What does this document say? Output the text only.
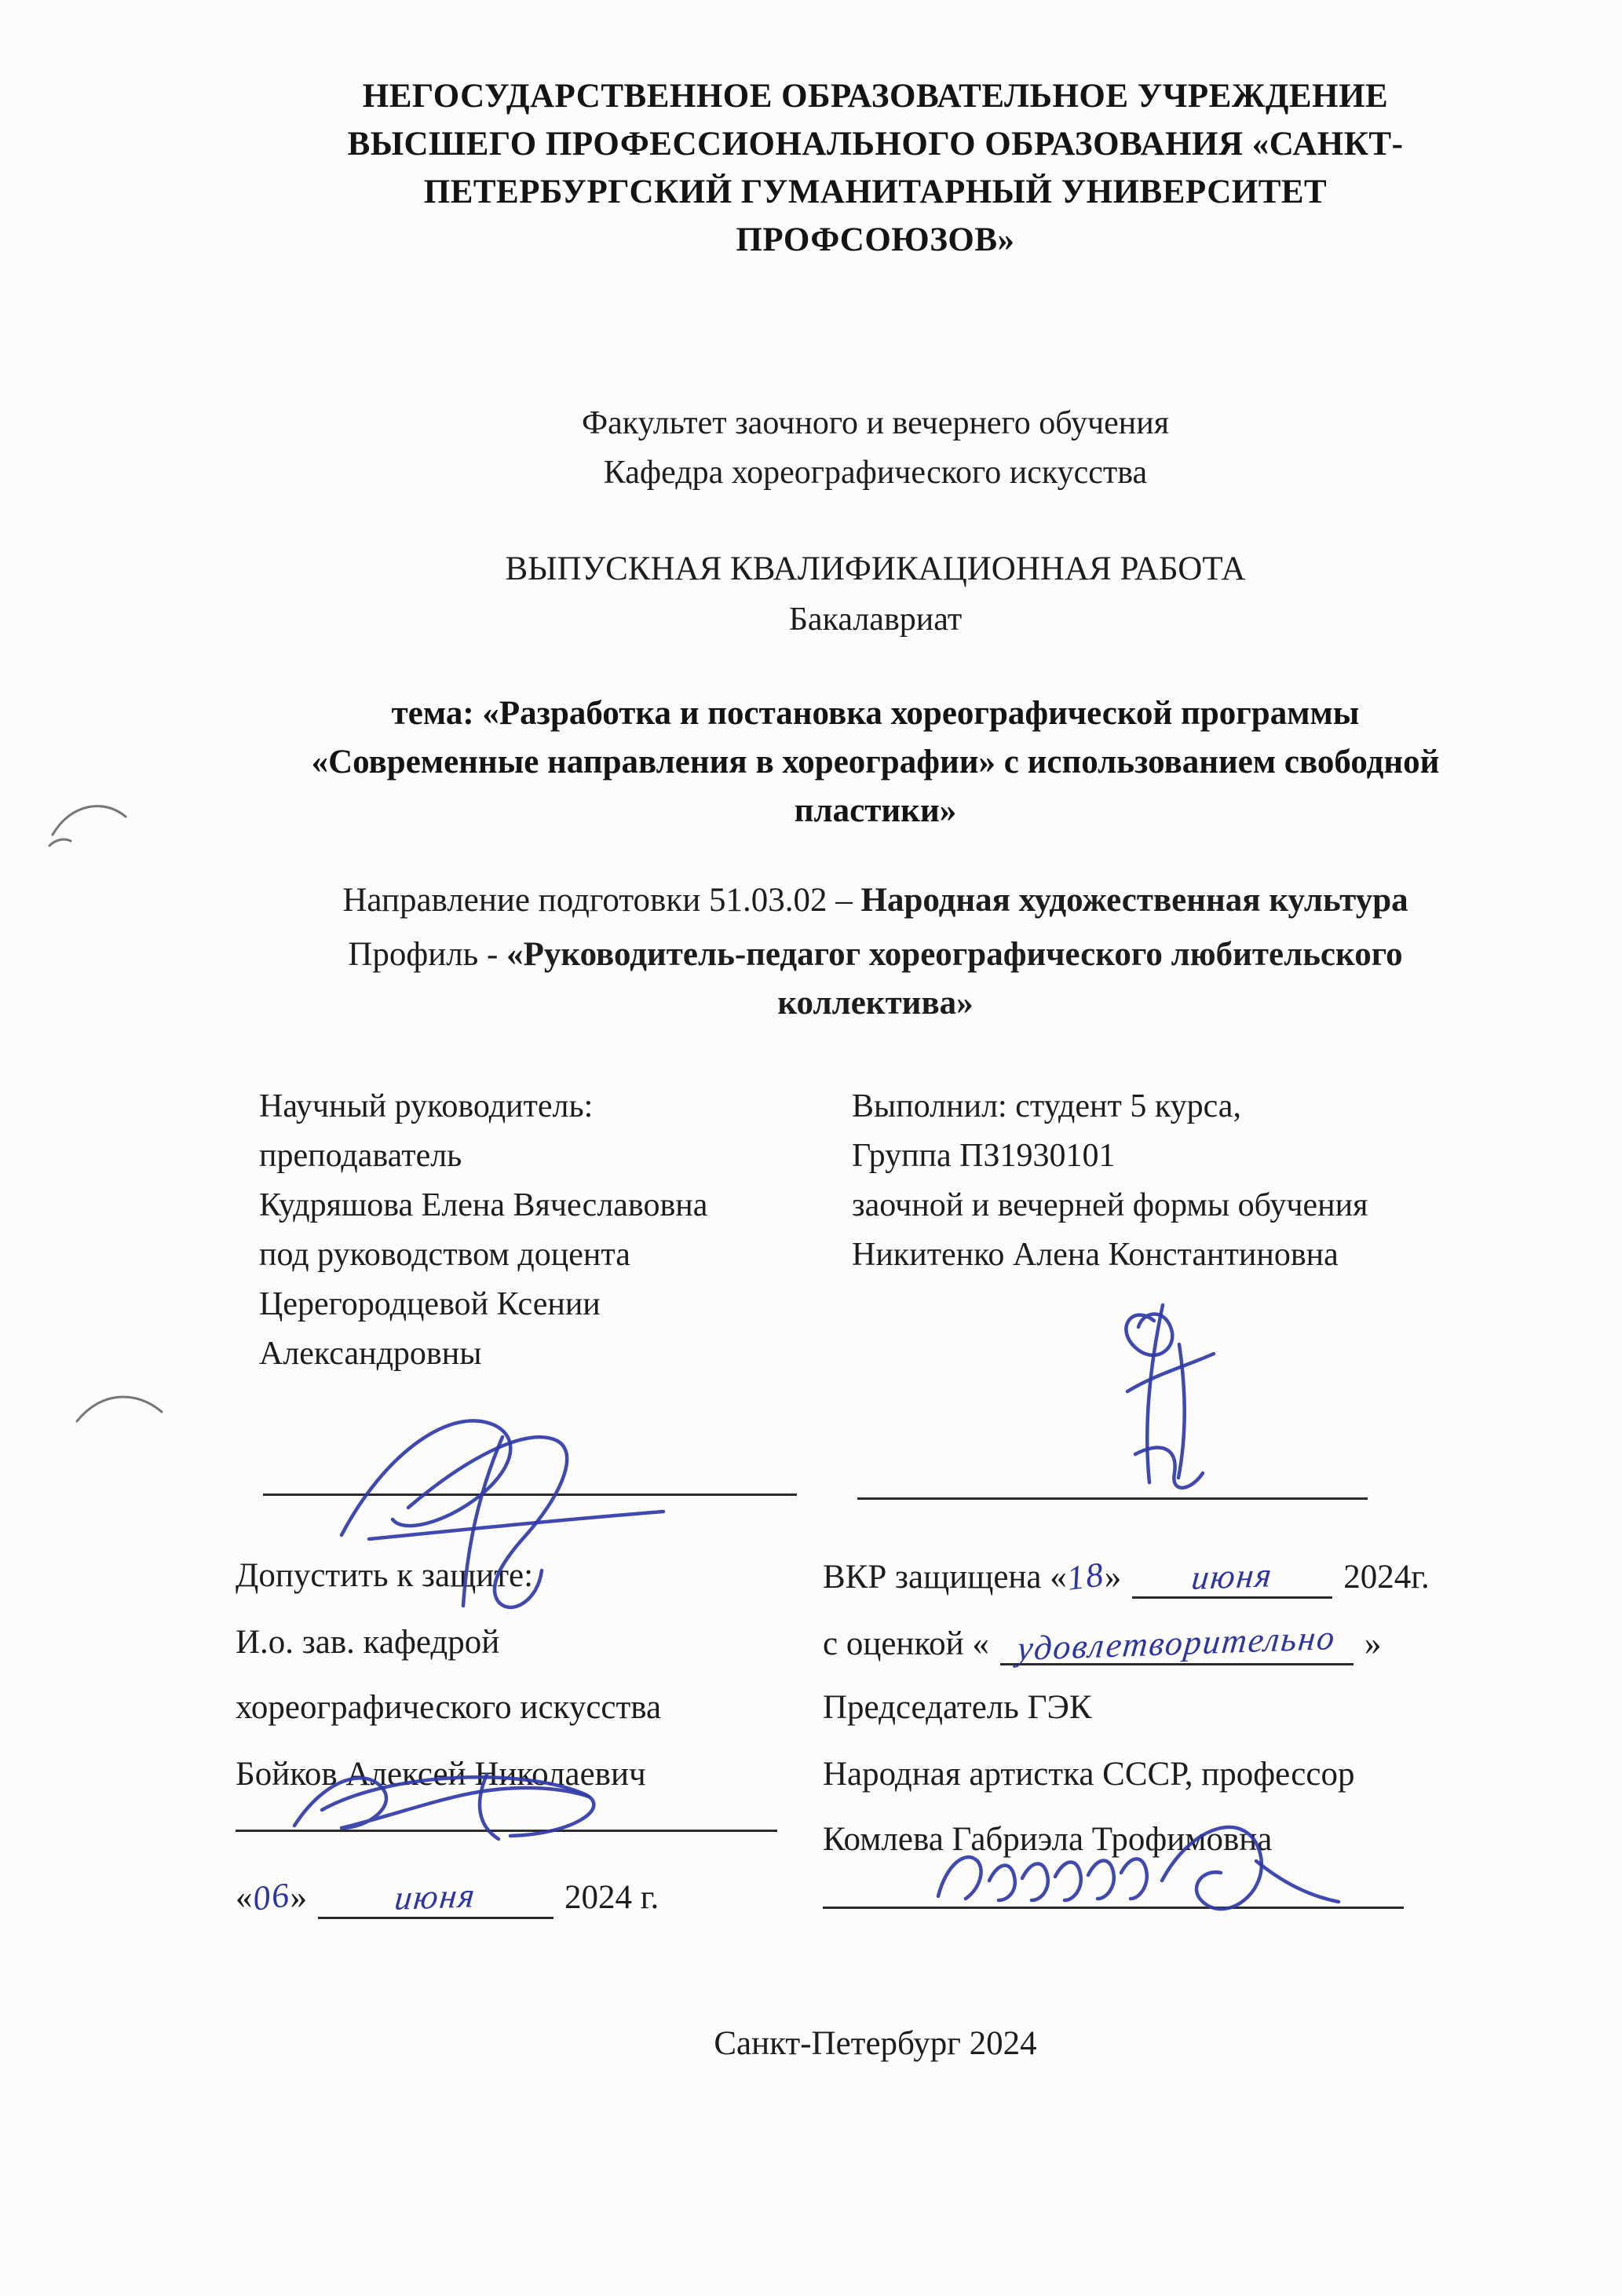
НЕГОСУДАРСТВЕННОЕ ОБРАЗОВАТЕЛЬНОЕ УЧРЕЖДЕНИЕ
ВЫСШЕГО ПРОФЕССИОНАЛЬНОГО ОБРАЗОВАНИЯ «САНКТ-
ПЕТЕРБУРГСКИЙ ГУМАНИТАРНЫЙ УНИВЕРСИТЕТ
ПРОФСОЮЗОВ»
Факультет заочного и вечернего обучения
Кафедра хореографического искусства
ВЫПУСКНАЯ КВАЛИФИКАЦИОННАЯ РАБОТА
Бакалавриат
тема: «Разработка и постановка хореографической программы
«Современные направления в хореографии» с использованием свободной
пластики»
Направление подготовки 51.03.02 – Народная художественная культура
Профиль - «Руководитель-педагог хореографического любительского
коллектива»
Научный руководитель:
преподаватель
Кудряшова Елена Вячеславовна
под руководством доцента
Церегородцевой Ксении
Александровны
Выполнил: студент 5 курса,
Группа ПЗ1930101
заочной и вечерней формы обучения
Никитенко Алена Константиновна
Допустить к защите:
И.о. зав. кафедрой
хореографического искусства
Бойков Алексей Николаевич
«06» июня	2024 г.
ВКР защищена «18» июня 2024г.
с оценкой « удовлетворительно »
Председатель ГЭК
Народная артистка СССР, профессор
Комлева Габриэла Трофимовна
Санкт-Петербург 2024
